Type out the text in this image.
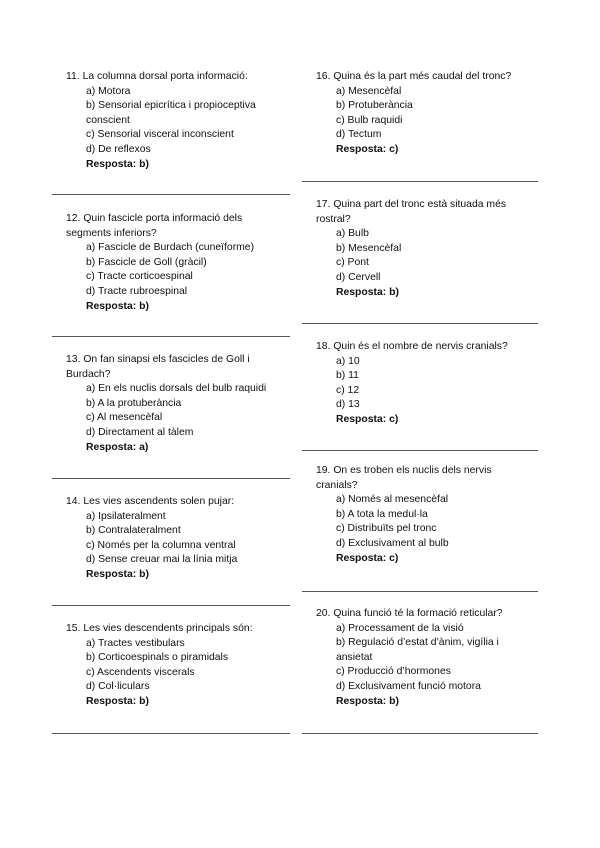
11. La columna dorsal porta informació:
a) Motora
b) Sensorial epicrítica i propioceptiva conscient
c) Sensorial visceral inconscient
d) De reflexos
Resposta: b)
12. Quin fascicle porta informació dels segments inferiors?
a) Fascicle de Burdach (cuneïforme)
b) Fascicle de Goll (gràcil)
c) Tracte corticoespinal
d) Tracte rubroespinal
Resposta: b)
13. On fan sinapsi els fascicles de Goll i Burdach?
a) En els nuclis dorsals del bulb raquidi
b) A la protuberància
c) Al mesencèfal
d) Directament al tàlem
Resposta: a)
14. Les vies ascendents solen pujar:
a) Ipsilateralment
b) Contralateralment
c) Només per la columna ventral
d) Sense creuar mai la línia mitja
Resposta: b)
15. Les vies descendents principals són:
a) Tractes vestibulars
b) Corticoespinals o piramidals
c) Ascendents viscerals
d) Col·liculars
Resposta: b)
16. Quina és la part més caudal del tronc?
a) Mesencèfal
b) Protuberància
c) Bulb raquidi
d) Tectum
Resposta: c)
17. Quina part del tronc està situada més rostral?
a) Bulb
b) Mesencèfal
c) Pont
d) Cervell
Resposta: b)
18. Quin és el nombre de nervis cranials?
a) 10
b) 11
c) 12
d) 13
Resposta: c)
19. On es troben els nuclis dels nervis cranials?
a) Només al mesencèfal
b) A tota la medul·la
c) Distribuïts pel tronc
d) Exclusivament al bulb
Resposta: c)
20. Quina funció té la formació reticular?
a) Processament de la visió
b) Regulació d’estat d’ànim, vigília i ansietat
c) Producció d’hormones
d) Exclusivament funció motora
Resposta: b)
